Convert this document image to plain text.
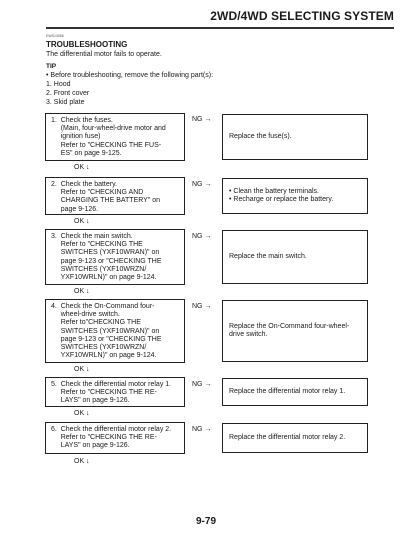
2WD/4WD SELECTING SYSTEM
EWS13056
TROUBLESHOOTING
The differential motor fails to operate.
TIP
• Before troubleshooting, remove the following part(s):
1. Hood
2. Front cover
3. Skid plate
1.  Check the fuses.
(Main, four-wheel-drive motor and
ignition fuse)
Refer to "CHECKING THE FUS-
ES" on page 9-125.
NG →
Replace the fuse(s).
OK ↓
2.  Check the battery.
Refer to "CHECKING AND
CHARGING THE BATTERY" on
page 9-126.
NG →
• Clean the battery terminals.
• Recharge or replace the battery.
OK ↓
3.  Check the main switch.
Refer to "CHECKING THE
SWITCHES (YXF10WRAN)" on
page 9-123 or "CHECKING THE
SWITCHES (YXF10WRZN/
YXF10WRLN)" on page 9-124.
NG →
Replace the main switch.
OK ↓
4.  Check the On-Command four-
wheel-drive switch.
Refer to"CHECKING THE
SWITCHES (YXF10WRAN)" on
page 9-123 or "CHECKING THE
SWITCHES (YXF10WRZN/
YXF10WRLN)" on page 9-124.
NG →
Replace the On-Command four-wheel-
drive switch.
OK ↓
5.  Check the differential motor relay 1.
Refer to "CHECKING THE RE-
LAYS" on page 9-126.
NG →
Replace the differential motor relay 1.
OK ↓
6.  Check the differential motor relay 2.
Refer to "CHECKING THE RE-
LAYS" on page 9-126.
NG →
Replace the differential motor relay 2.
OK ↓
9-79
